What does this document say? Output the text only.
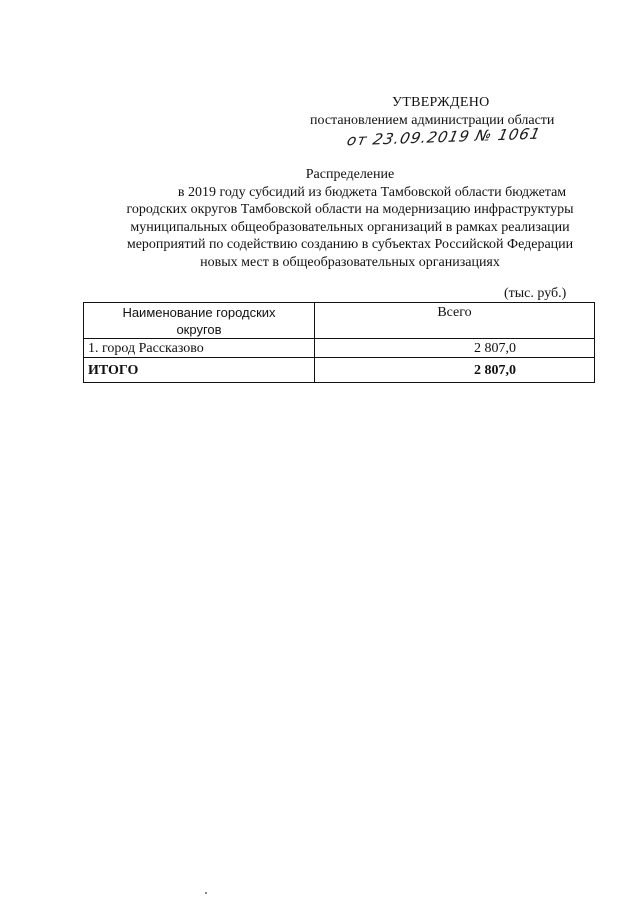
УТВЕРЖДЕНО
постановлением администрации области
от 23.09.2019 № 1061
Распределение
в 2019 году субсидий из бюджета Тамбовской области бюджетам
городских округов Тамбовской области на модернизацию инфраструктуры
муниципальных общеобразовательных организаций в рамках реализации
мероприятий по содействию созданию в субъектах Российской Федерации
новых мест в общеобразовательных организациях
(тыс. руб.)
Наименование городских
округов	Всего
1. город Рассказово	2 807,0
ИТОГО	2 807,0
